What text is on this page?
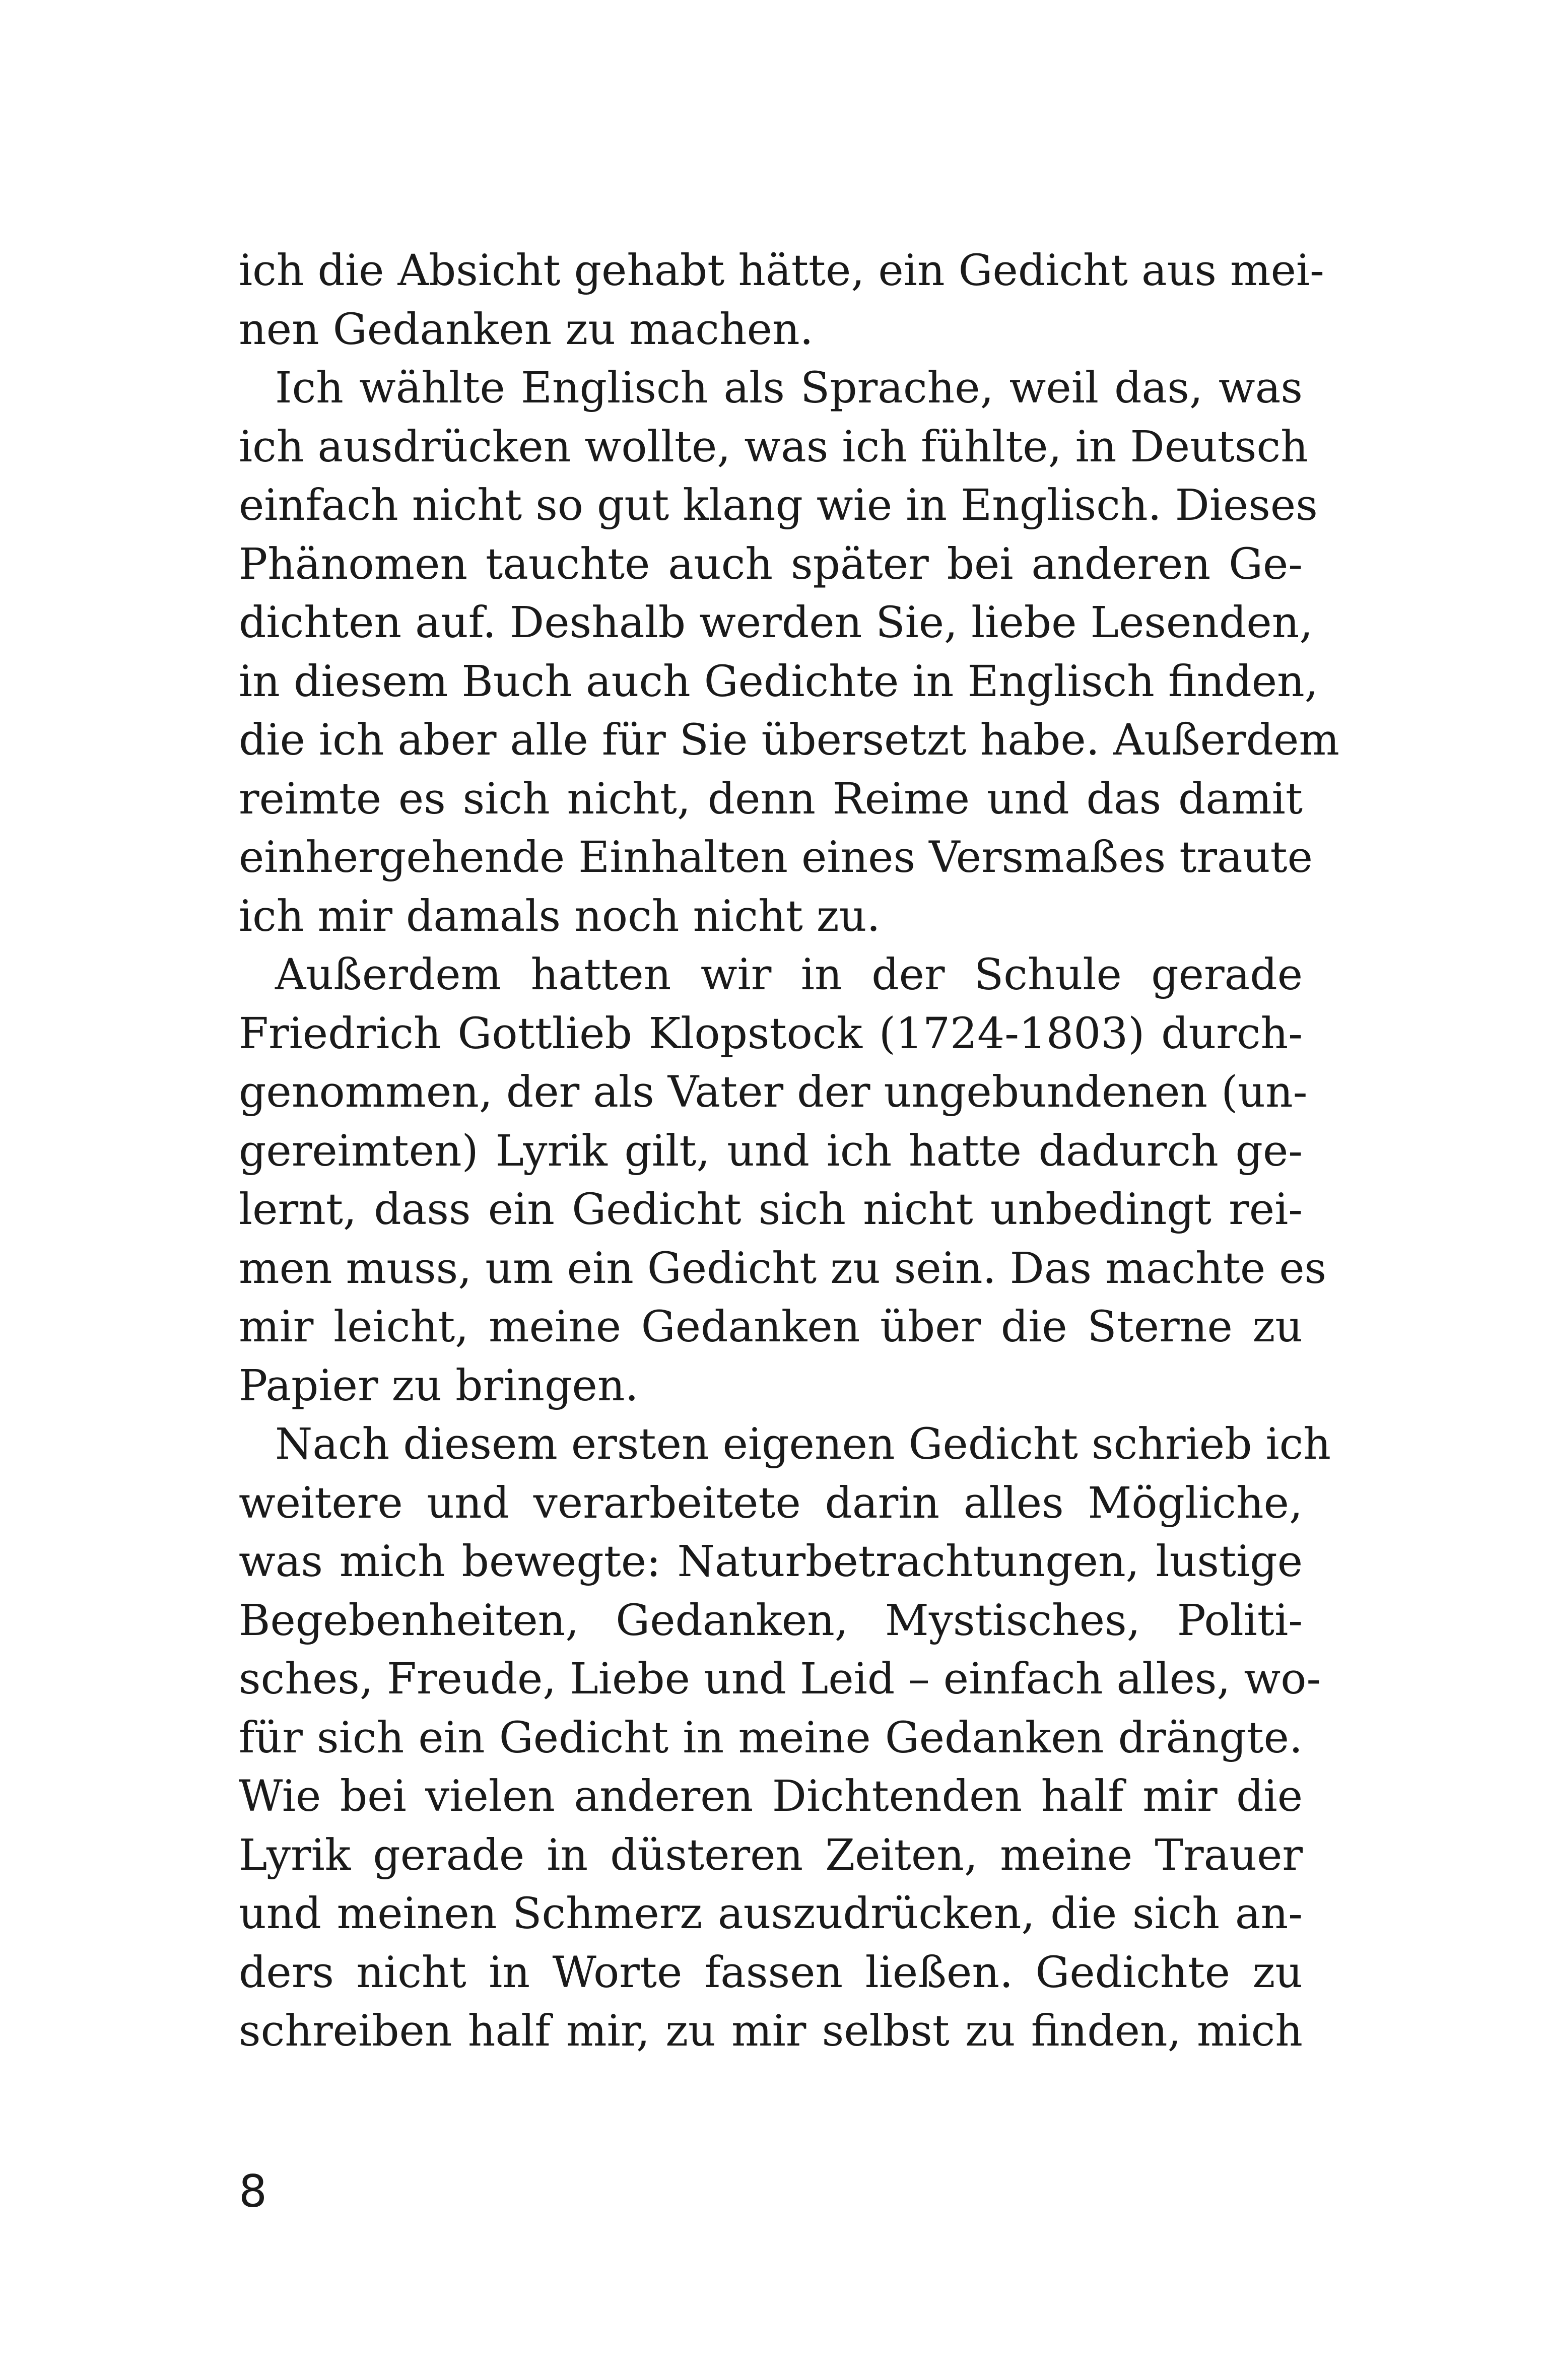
ich die Absicht gehabt hätte, ein Gedicht aus mei-
nen Gedanken zu machen.
Ich wählte Englisch als Sprache, weil das, was
ich ausdrücken wollte, was ich fühlte, in Deutsch
einfach nicht so gut klang wie in Englisch. Dieses
Phänomen tauchte auch später bei anderen Ge-
dichten auf. Deshalb werden Sie, liebe Lesenden,
in diesem Buch auch Gedichte in Englisch finden,
die ich aber alle für Sie übersetzt habe. Außerdem
reimte es sich nicht, denn Reime und das damit
einhergehende Einhalten eines Versmaßes traute
ich mir damals noch nicht zu.
Außerdem hatten wir in der Schule gerade
Friedrich Gottlieb Klopstock (1724-1803) durch-
genommen, der als Vater der ungebundenen (un-
gereimten) Lyrik gilt, und ich hatte dadurch ge-
lernt, dass ein Gedicht sich nicht unbedingt rei-
men muss, um ein Gedicht zu sein. Das machte es
mir leicht, meine Gedanken über die Sterne zu
Papier zu bringen.
Nach diesem ersten eigenen Gedicht schrieb ich
weitere und verarbeitete darin alles Mögliche,
was mich bewegte: Naturbetrachtungen, lustige
Begebenheiten, Gedanken, Mystisches, Politi-
sches, Freude, Liebe und Leid – einfach alles, wo-
für sich ein Gedicht in meine Gedanken drängte.
Wie bei vielen anderen Dichtenden half mir die
Lyrik gerade in düsteren Zeiten, meine Trauer
und meinen Schmerz auszudrücken, die sich an-
ders nicht in Worte fassen ließen. Gedichte zu
schreiben half mir, zu mir selbst zu finden, mich
8
